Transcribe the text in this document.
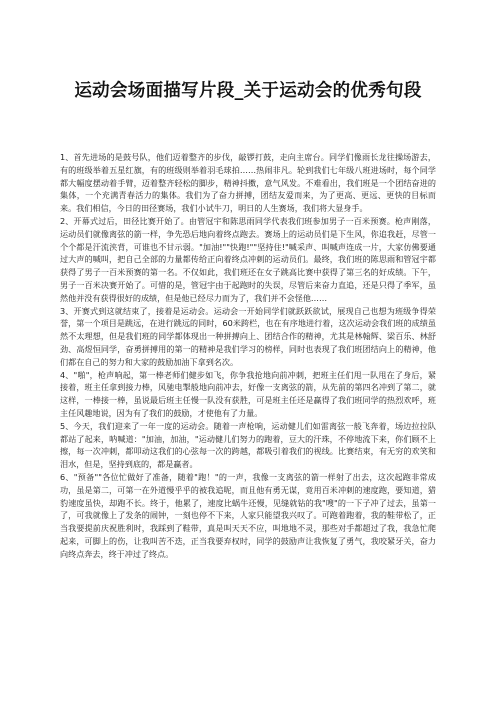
运动会场面描写片段_关于运动会的优秀句段

1、首先进场的是鼓号队，他们迈着整齐的步伐，敲锣打鼓，走向主席台。同学们像雨长龙往操场游去，有的班级举着五星红旗，有的班级则举着羽毛球拍……热闹非凡。轮到我们七年级八班进场时，每个同学都大幅度摆动着手臂，迈着整齐轻松的脚步，精神抖擞，意气风发。不难看出，我们班是一个团结奋进的集体，一个充满青春活力的集体。我们为了奋力拼搏，团结友爱而来，为了更高、更远、更快的目标而来。我们相信，今日的田径赛场，我们小试牛刀，明日的人生赛场，我们将大显身手。

2、开幕式过后，田径比赛开始了。由管冠宇和陈思雨同学代表我们班参加男子一百米预赛。枪声刚落，运动员们就像离弦的箭一样，争先恐后地向着终点跑去。赛场上的运动员们是下生风，你追我赶，尽管一个个都是汗流浃背，可谁也不甘示弱。"加油!""快跑!""坚持住!"喊采声、叫喊声连成一片，大家仿佛要通过大声的喊叫，把自己全部的力量都传给正向着终点冲刺的运动员们。最终，我们班的陈思雨和管冠宇都获得了男子一百米预赛的第一名。不仅如此，我们班还在女子跳高比赛中获得了第三名的好成绩。下午，男子一百米决赛开始了。可惜的是，管冠宇由于起跑时的失误，尽管后来奋力直追，还是只得了季军，虽然他并没有获得很好的成绩，但是他已经尽力而为了，我们并不会怪他……

3、开赛式到这就结束了，接着是运动会。运动会一开始同学们就跃跃欲试，展现自己也想为班级争得荣誉，第一个项目是跳远，在进行跳远的同时，60米跨栏，也在有序地进行着，这次运动会我们班的成绩虽然不太理想，但是我们班的同学都体现出一种拼搏向上、团结合作的精神，尤其是林翰辉、梁百乐、林舒劲、高煜恒同学，奋勇拼搏用的第一的精神是我们学习的榜样，同时也表现了我们班团结向上的精神，他们都在自己的努力和大家的鼓励加油下拿到名次。

4、"啪"，枪声响起，第一棒老师们健步如飞，你争我抢地向前冲刺，把班主任们甩一队甩在了身后，紧接着，班主任拿到接力棒，风驰电掣般地向前冲去，好像一支离弦的箭，从先前的第四名冲到了第二，就这样，一棒接一棒，虽说最后班主任慢一队没有获胜，可是班主任还是赢得了我们班同学的热烈欢呼，班主任风趣地说，因为有了我们的鼓励，才使他有了力量。

5、今天，我们迎来了一年一度的运动会。随着一声枪响，运动健儿们如雷离弦一般飞奔着，场边拉拉队都站了起来，呐喊道："加油，加油，"运动健儿们努力的跑着，豆大的汗珠，不停地流下来，你们顾不上擦，每一次冲刺，都叩动这我们的心弦每一次的跨越，都吸引着我们的视线。比赛结束，有无穷的欢笑和泪水，但是，坚持到底的，都是赢者。

6、"预备""各位忙做好了准备，随着"跑！"的一声，我像一支离弦的箭一样射了出去，这次起跑非常成功，虽是第二，可第一在外道慢乎乎的被我追呢，而且他有勇无谋，竟用百米冲刺的速度跑，要知道，猎豹速度虽快，却跑不长。终于，他累了，速度比蜗牛还慢，见缝就钻的我"嗖"的一下子冲了过去，虽第一了，可我就像上了发条的闹钟，一刻也停不下来，人家只能望我兴叹了。可跑着跑着，我的鞋带松了，正当我要提前庆祝胜利时，我踩到了鞋带，真是叫天天不应，叫地地不灵，那些对手都超过了我，我急忙爬起来，可脚上的伤，让我叫苦不迭，正当我要弃权时，同学的鼓励声让我恢复了勇气，我咬紧牙关，奋力向终点奔去，终于冲过了终点。
